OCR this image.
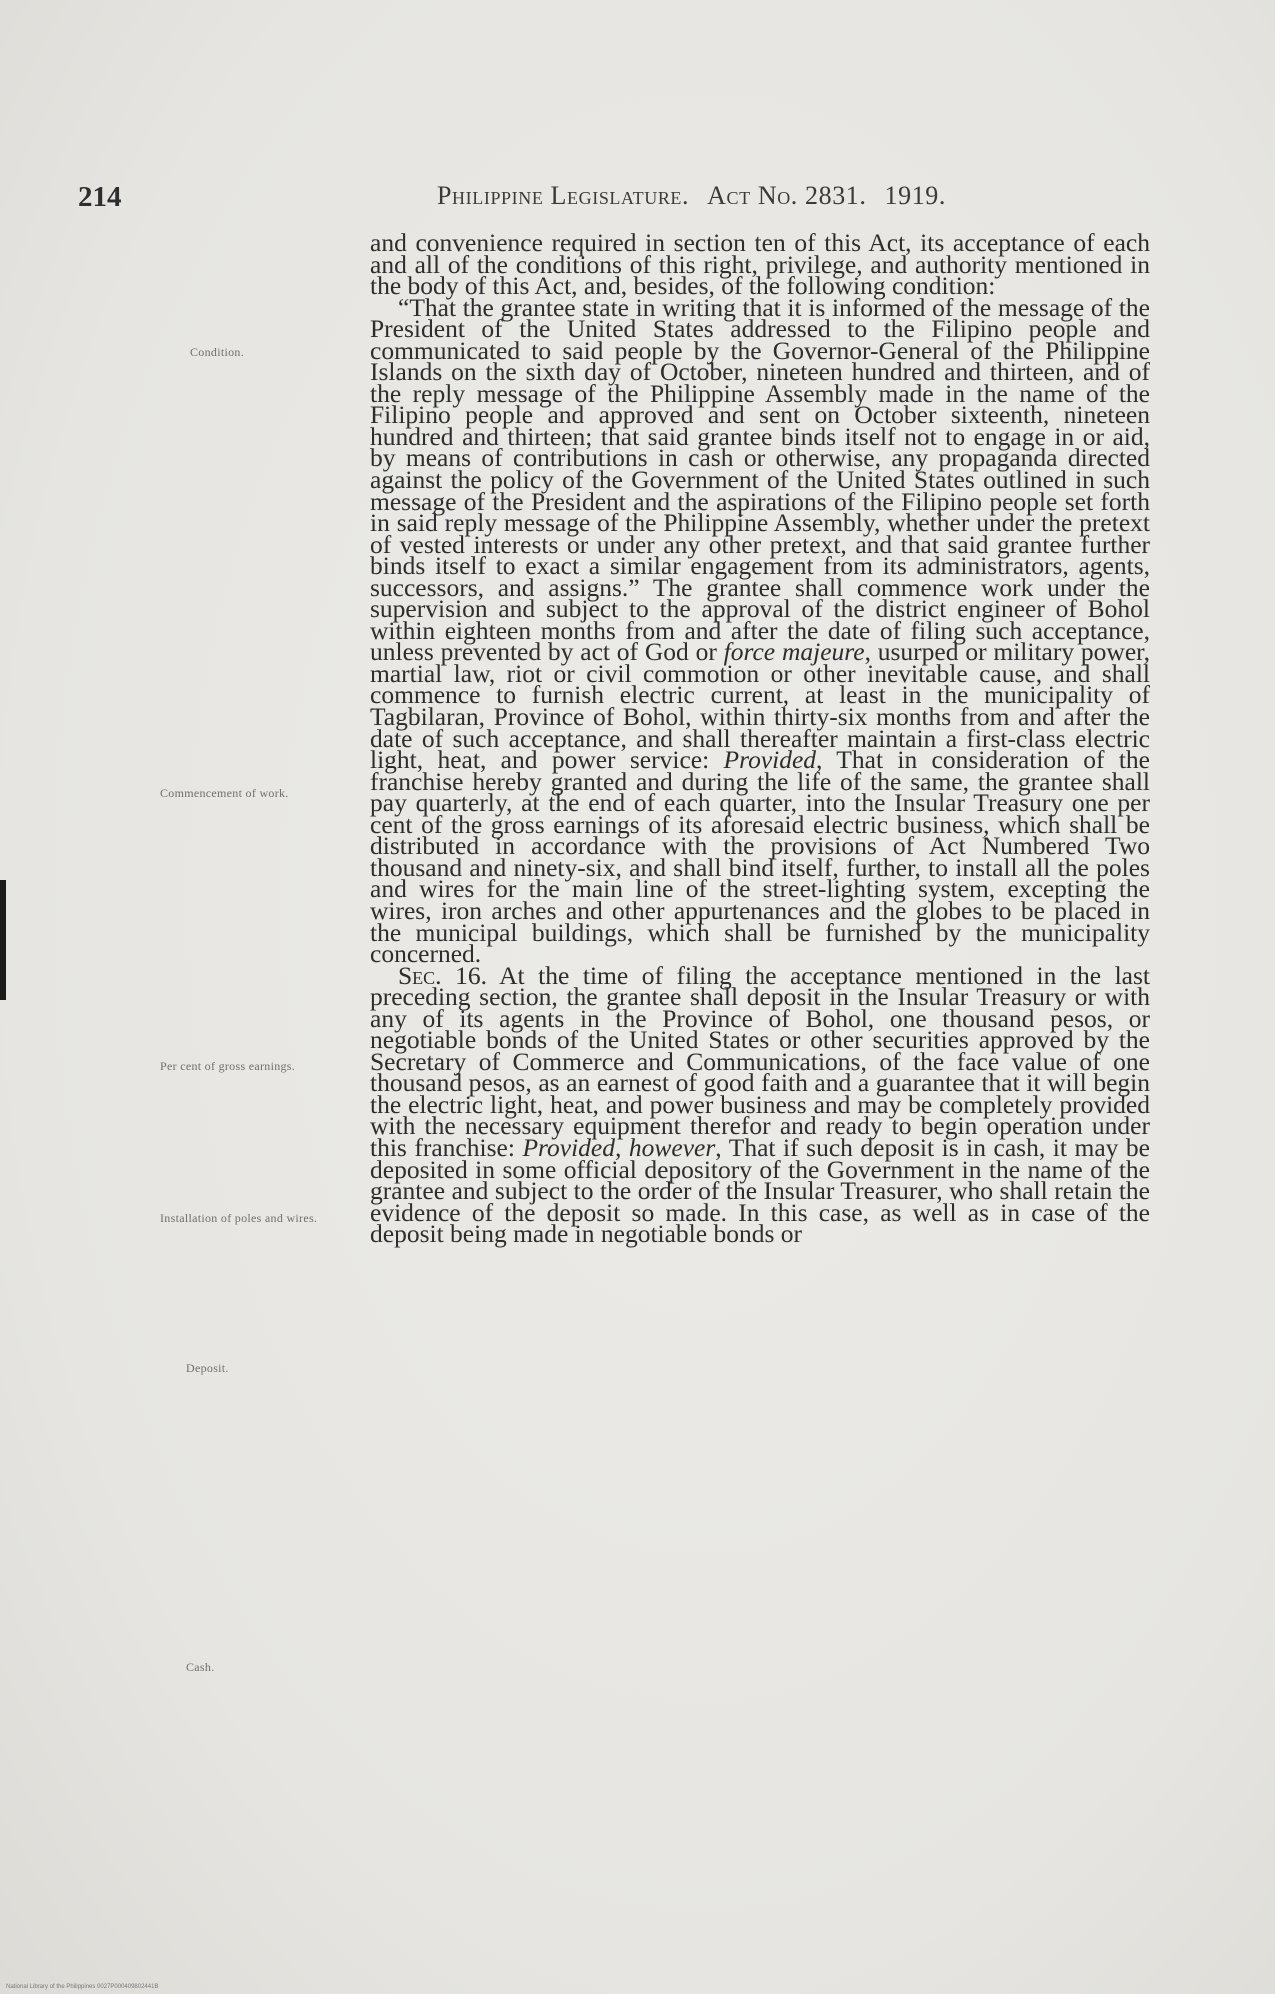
214	Philippine Legislature. Act No. 2831. 1919.
Condition.
Commencement of work.
Per cent of gross earnings.
Installation of poles and wires.
Deposit.
Cash.

and convenience required in section ten of this Act, its acceptance of each and all of the conditions of this right, privilege, and authority mentioned in the body of this Act, and, besides, of the following condition:

“That the grantee state in writing that it is informed of the message of the President of the United States addressed to the Filipino people and communicated to said people by the Governor-General of the Philippine Islands on the sixth day of October, nineteen hundred and thirteen, and of the reply message of the Philippine Assembly made in the name of the Filipino people and approved and sent on October sixteenth, nineteen hundred and thirteen; that said grantee binds itself not to engage in or aid, by means of contributions in cash or otherwise, any propaganda directed against the policy of the Government of the United States outlined in such message of the President and the aspirations of the Filipino people set forth in said reply message of the Philippine Assembly, whether under the pretext of vested interests or under any other pretext, and that said grantee further binds itself to exact a similar engagement from its administrators, agents, successors, and assigns.” The grantee shall commence work under the supervision and subject to the approval of the district engineer of Bohol within eighteen months from and after the date of filing such acceptance, unless prevented by act of God or force majeure, usurped or military power, martial law, riot or civil commotion or other inevitable cause, and shall commence to furnish electric current, at least in the municipality of Tagbilaran, Province of Bohol, within thirty-six months from and after the date of such acceptance, and shall thereafter maintain a first-class electric light, heat, and power service: Provided, That in consideration of the franchise hereby granted and during the life of the same, the grantee shall pay quarterly, at the end of each quarter, into the Insular Treasury one per cent of the gross earnings of its aforesaid electric business, which shall be distributed in accordance with the provisions of Act Numbered Two thousand and ninety-six, and shall bind itself, further, to install all the poles and wires for the main line of the street-lighting system, excepting the wires, iron arches and other appurtenances and the globes to be placed in the municipal buildings, which shall be furnished by the municipality concerned.

Sec. 16. At the time of filing the acceptance mentioned in the last preceding section, the grantee shall deposit in the Insular Treasury or with any of its agents in the Province of Bohol, one thousand pesos, or negotiable bonds of the United States or other securities approved by the Secretary of Commerce and Communications, of the face value of one thousand pesos, as an earnest of good faith and a guarantee that it will begin the electric light, heat, and power business and may be completely provided with the necessary equipment therefor and ready to begin operation under this franchise: Provided, however, That if such deposit is in cash, it may be deposited in some official depository of the Government in the name of the grantee and subject to the order of the Insular Treasurer, who shall retain the evidence of the deposit so made. In this case, as well as in case of the deposit being made in negotiable bonds or

National Library of the Philippines 0027P000409802441B
